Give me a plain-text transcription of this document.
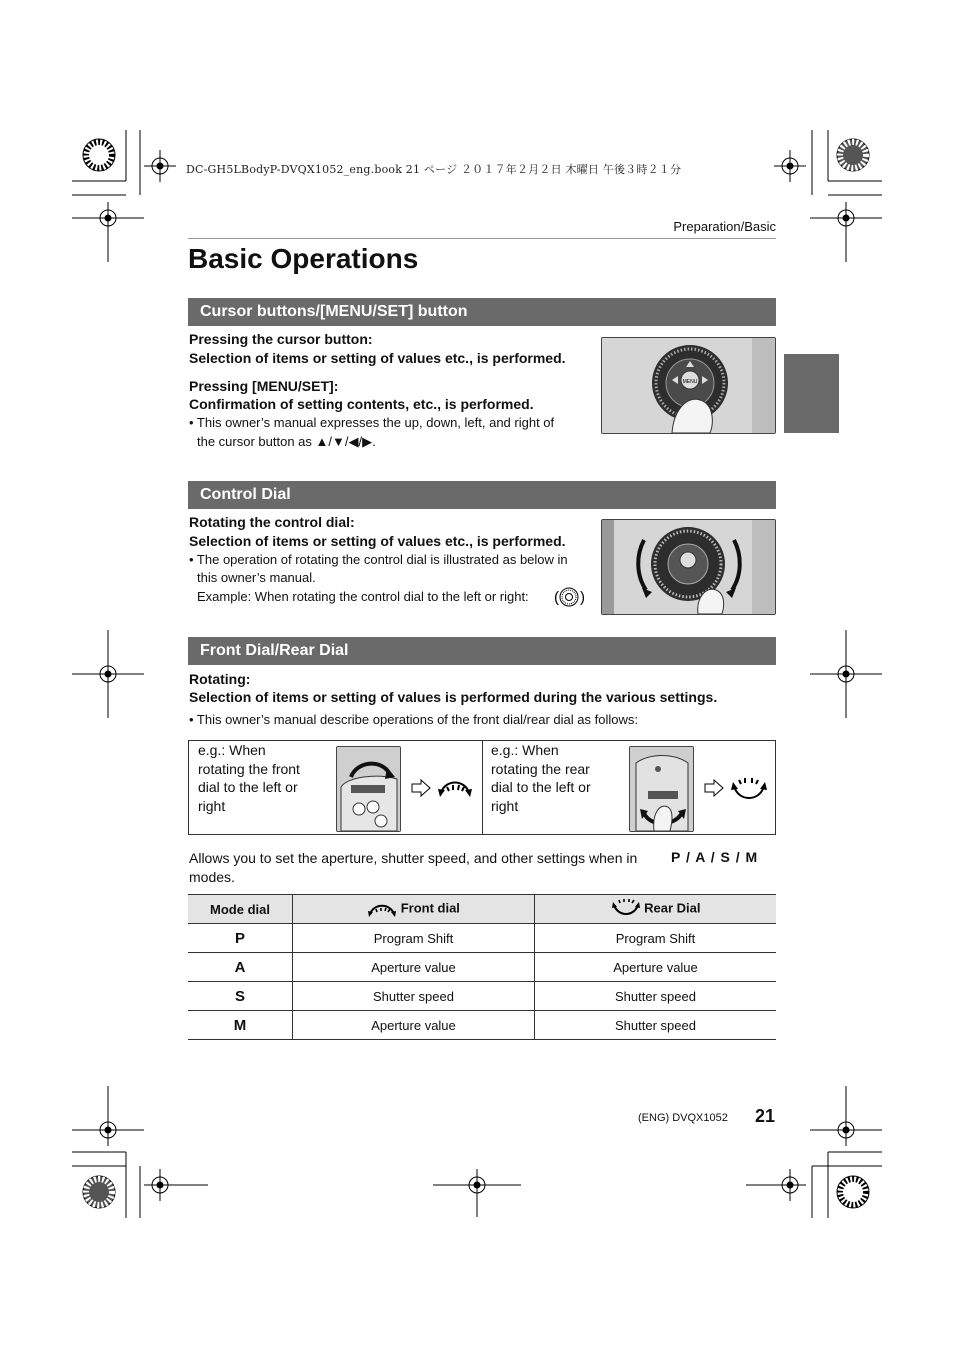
DC-GH5LBodyP-DVQX1052_eng.book 21 ページ ２０１７年２月２日 木曜日 午後３時２１分
Preparation/Basic
Basic Operations
Cursor buttons/[MENU/SET] button
Pressing the cursor button:
Selection of items or setting of values etc., is performed.
Pressing [MENU/SET]:
Confirmation of setting contents, etc., is performed.
• This owner’s manual expresses the up, down, left, and right of
the cursor button as ▲/▼/◀/▶.
MENU
Control Dial
Rotating the control dial:
Selection of items or setting of values etc., is performed.
• The operation of rotating the control dial is illustrated as below in
this owner’s manual.
Example: When rotating the control dial to the left or right: ( )
Front Dial/Rear Dial
Rotating:
Selection of items or setting of values is performed during the various settings.
• This owner’s manual describe operations of the front dial/rear dial as follows:
e.g.: When
rotating the front
dial to the left or
right
e.g.: When
rotating the rear
dial to the left or
right
Allows you to set the aperture, shutter speed, and other settings when in P / A / S / M
modes.
Mode dial	Front dial	Rear Dial
P	Program Shift	Program Shift
A	Aperture value	Aperture value
S	Shutter speed	Shutter speed
M	Aperture value	Shutter speed
(ENG) DVQX1052 21
